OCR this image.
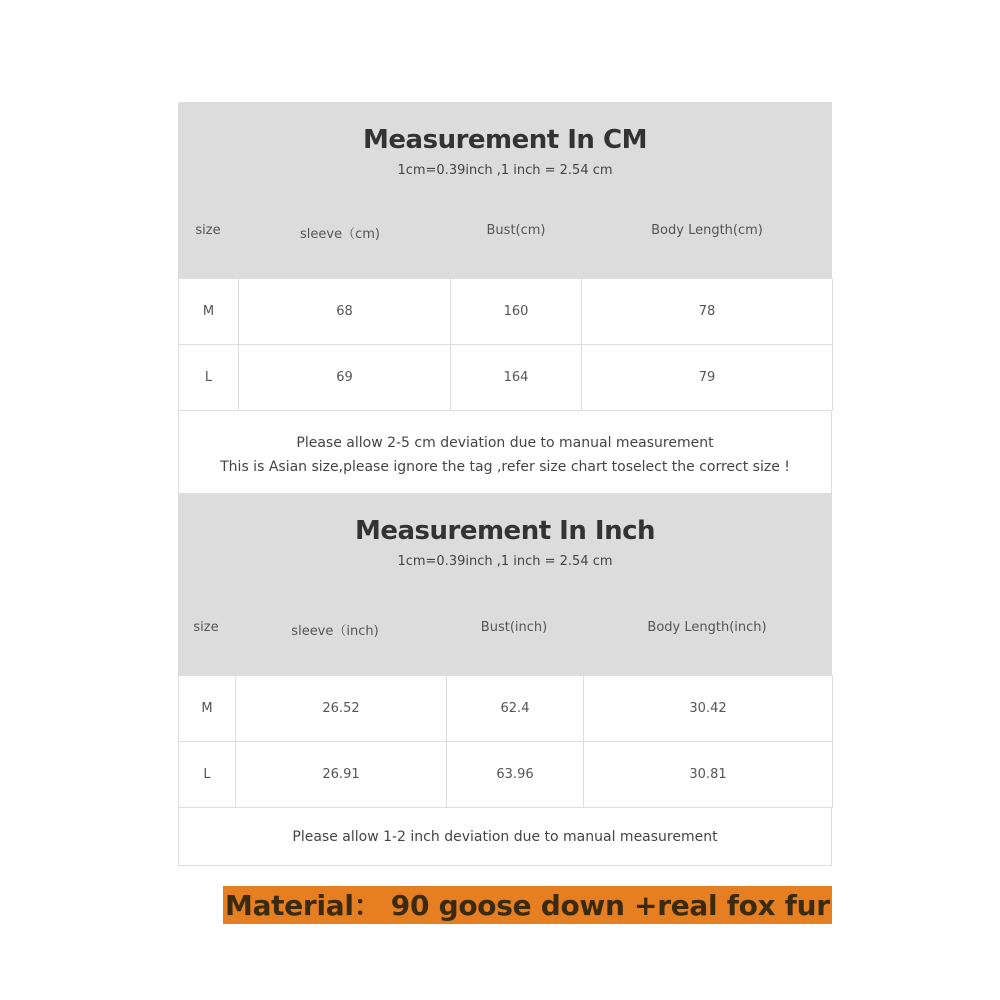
Measurement In CM
1cm=0.39inch ,1 inch = 2.54 cm
size	sleeve（cm)	Bust(cm)	Body Length(cm)
M	68	160	78
L	69	164	79
Please allow 2-5 cm deviation due to manual measurement
This is Asian size,please ignore the tag ,refer size chart toselect the correct size !
Measurement In Inch
1cm=0.39inch ,1 inch = 2.54 cm
size	sleeve（inch)	Bust(inch)	Body Length(inch)
M	26.52	62.4	30.42
L	26.91	63.96	30.81
Please allow 1-2 inch deviation due to manual measurement
Material： 90 goose down +real fox fur
